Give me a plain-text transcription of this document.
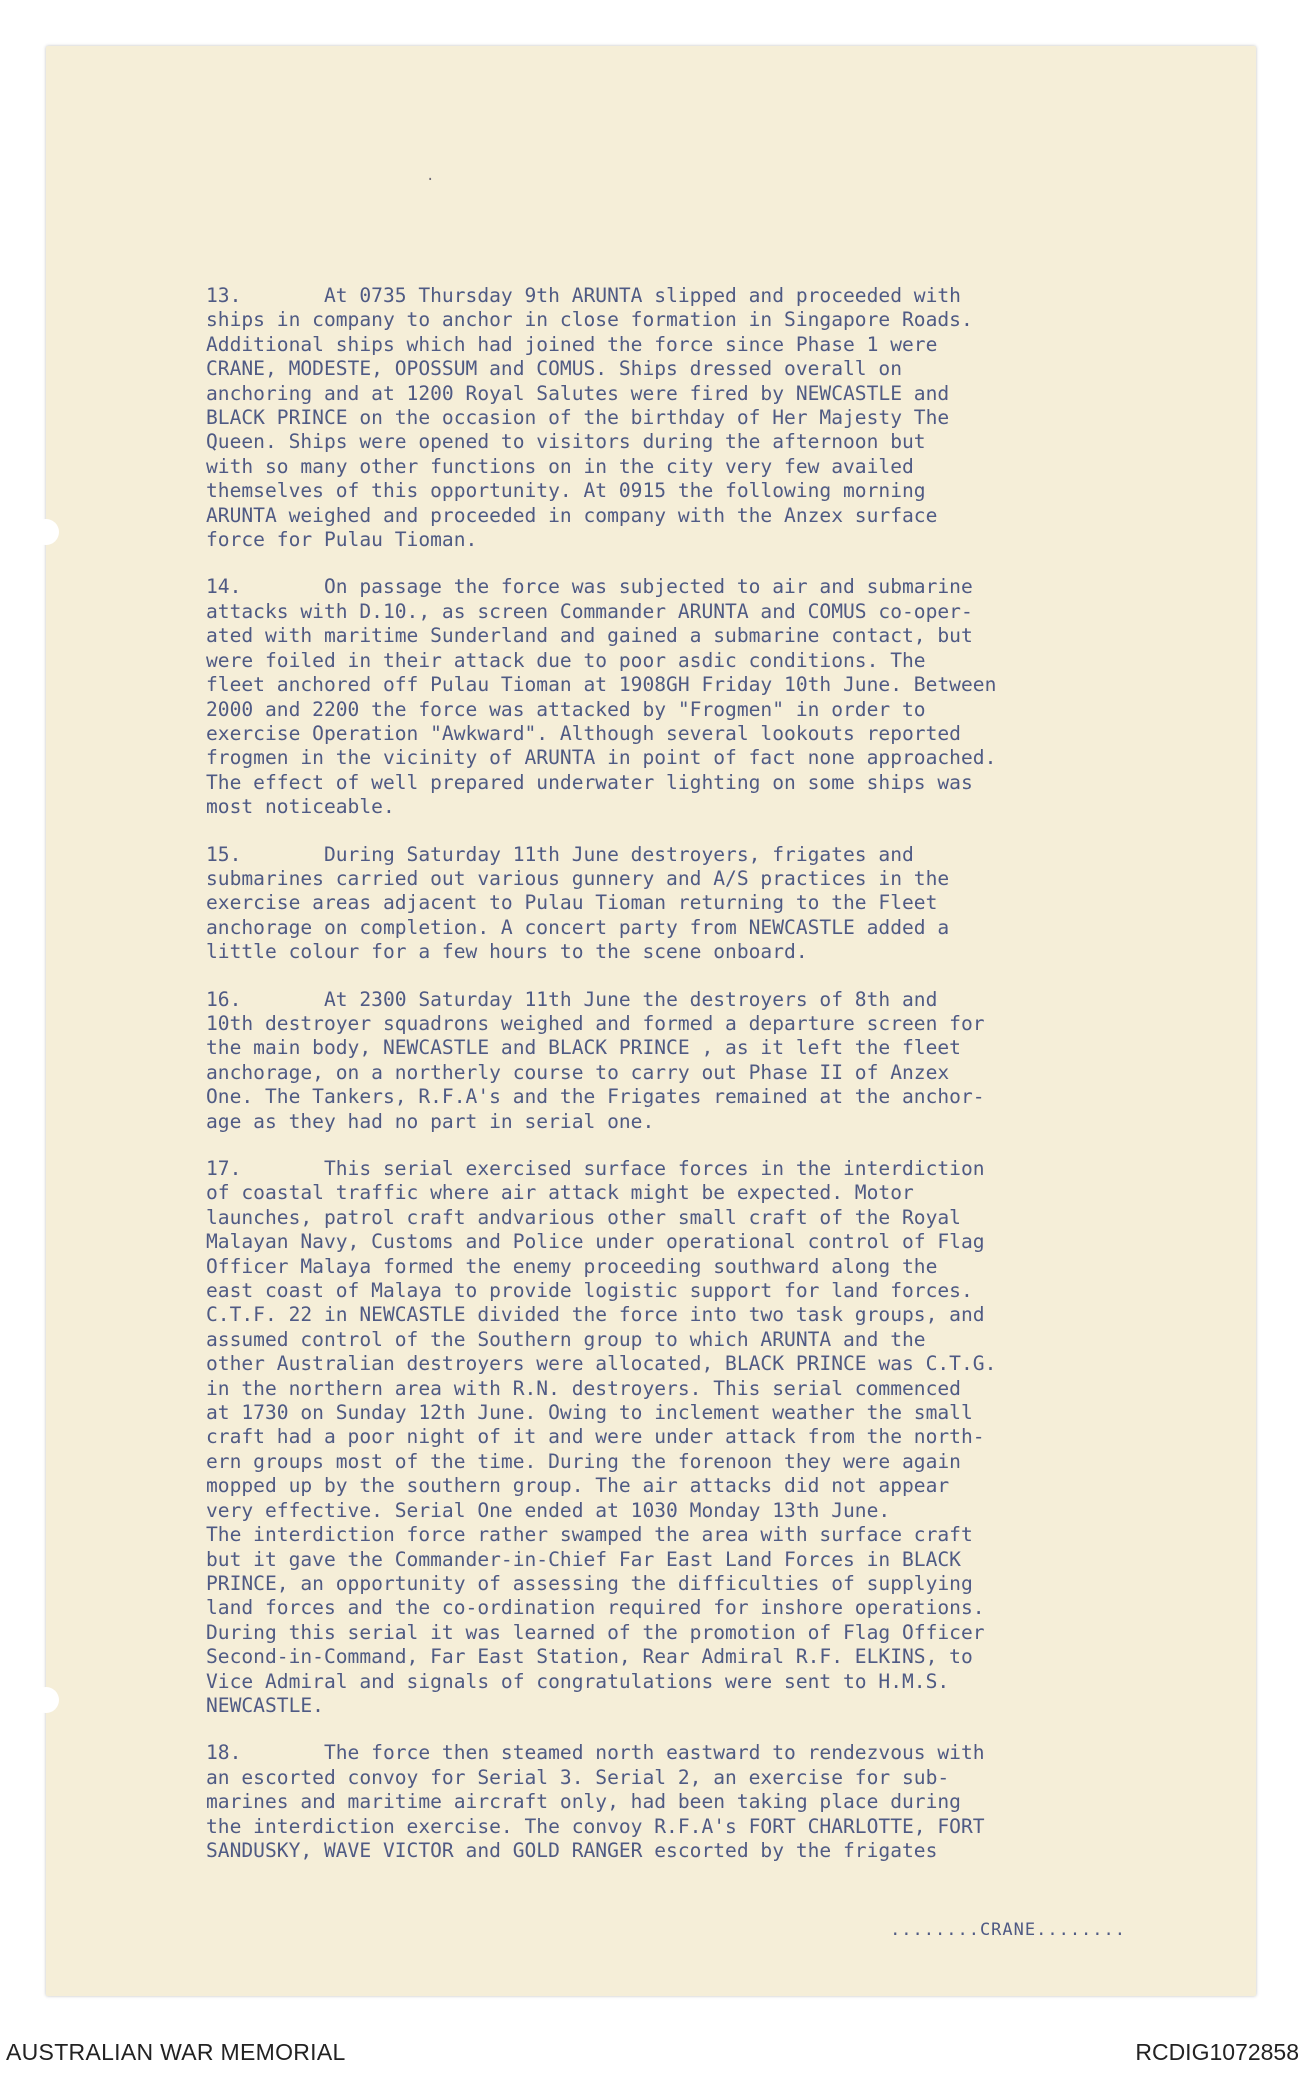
·

13.	At 0735 Thursday 9th ARUNTA slipped and proceeded with
ships in company to anchor in close formation in Singapore Roads.
Additional ships which had joined the force since Phase 1 were
CRANE, MODESTE, OPOSSUM and COMUS. Ships dressed overall on
anchoring and at 1200 Royal Salutes were fired by NEWCASTLE and
BLACK PRINCE on the occasion of the birthday of Her Majesty The
Queen. Ships were opened to visitors during the afternoon but
with so many other functions on in the city very few availed
themselves of this opportunity. At 0915 the following morning
ARUNTA weighed and proceeded in company with the Anzex surface
force for Pulau Tioman.

14.	On passage the force was subjected to air and submarine
attacks with D.10., as screen Commander ARUNTA and COMUS co-oper-
ated with maritime Sunderland and gained a submarine contact, but
were foiled in their attack due to poor asdic conditions. The
fleet anchored off Pulau Tioman at 1908GH Friday 10th June. Between
2000 and 2200 the force was attacked by "Frogmen" in order to
exercise Operation "Awkward". Although several lookouts reported
frogmen in the vicinity of ARUNTA in point of fact none approached.
The effect of well prepared underwater lighting on some ships was
most noticeable.

15.	During Saturday 11th June destroyers, frigates and
submarines carried out various gunnery and A/S practices in the
exercise areas adjacent to Pulau Tioman returning to the Fleet
anchorage on completion. A concert party from NEWCASTLE added a
little colour for a few hours to the scene onboard.

16.	At 2300 Saturday 11th June the destroyers of 8th and
10th destroyer squadrons weighed and formed a departure screen for
the main body, NEWCASTLE and BLACK PRINCE , as it left the fleet
anchorage, on a northerly course to carry out Phase II of Anzex
One. The Tankers, R.F.A's and the Frigates remained at the anchor-
age as they had no part in serial one.

17.	This serial exercised surface forces in the interdiction
of coastal traffic where air attack might be expected. Motor
launches, patrol craft andvarious other small craft of the Royal
Malayan Navy, Customs and Police under operational control of Flag
Officer Malaya formed the enemy proceeding southward along the
east coast of Malaya to provide logistic support for land forces.
C.T.F. 22 in NEWCASTLE divided the force into two task groups, and
assumed control of the Southern group to which ARUNTA and the
other Australian destroyers were allocated, BLACK PRINCE was C.T.G.
in the northern area with R.N. destroyers. This serial commenced
at 1730 on Sunday 12th June. Owing to inclement weather the small
craft had a poor night of it and were under attack from the north-
ern groups most of the time. During the forenoon they were again
mopped up by the southern group. The air attacks did not appear
very effective. Serial One ended at 1030 Monday 13th June.
The interdiction force rather swamped the area with surface craft
but it gave the Commander-in-Chief Far East Land Forces in BLACK
PRINCE, an opportunity of assessing the difficulties of supplying
land forces and the co-ordination required for inshore operations.
During this serial it was learned of the promotion of Flag Officer
Second-in-Command, Far East Station, Rear Admiral R.F. ELKINS, to
Vice Admiral and signals of congratulations were sent to H.M.S.
NEWCASTLE.

18.	The force then steamed north eastward to rendezvous with
an escorted convoy for Serial 3. Serial 2, an exercise for sub-
marines and maritime aircraft only, had been taking place during
the interdiction exercise. The convoy R.F.A's FORT CHARLOTTE, FORT
SANDUSKY, WAVE VICTOR and GOLD RANGER escorted by the frigates

........CRANE........
AUSTRALIAN WAR MEMORIAL	RCDIG1072858
